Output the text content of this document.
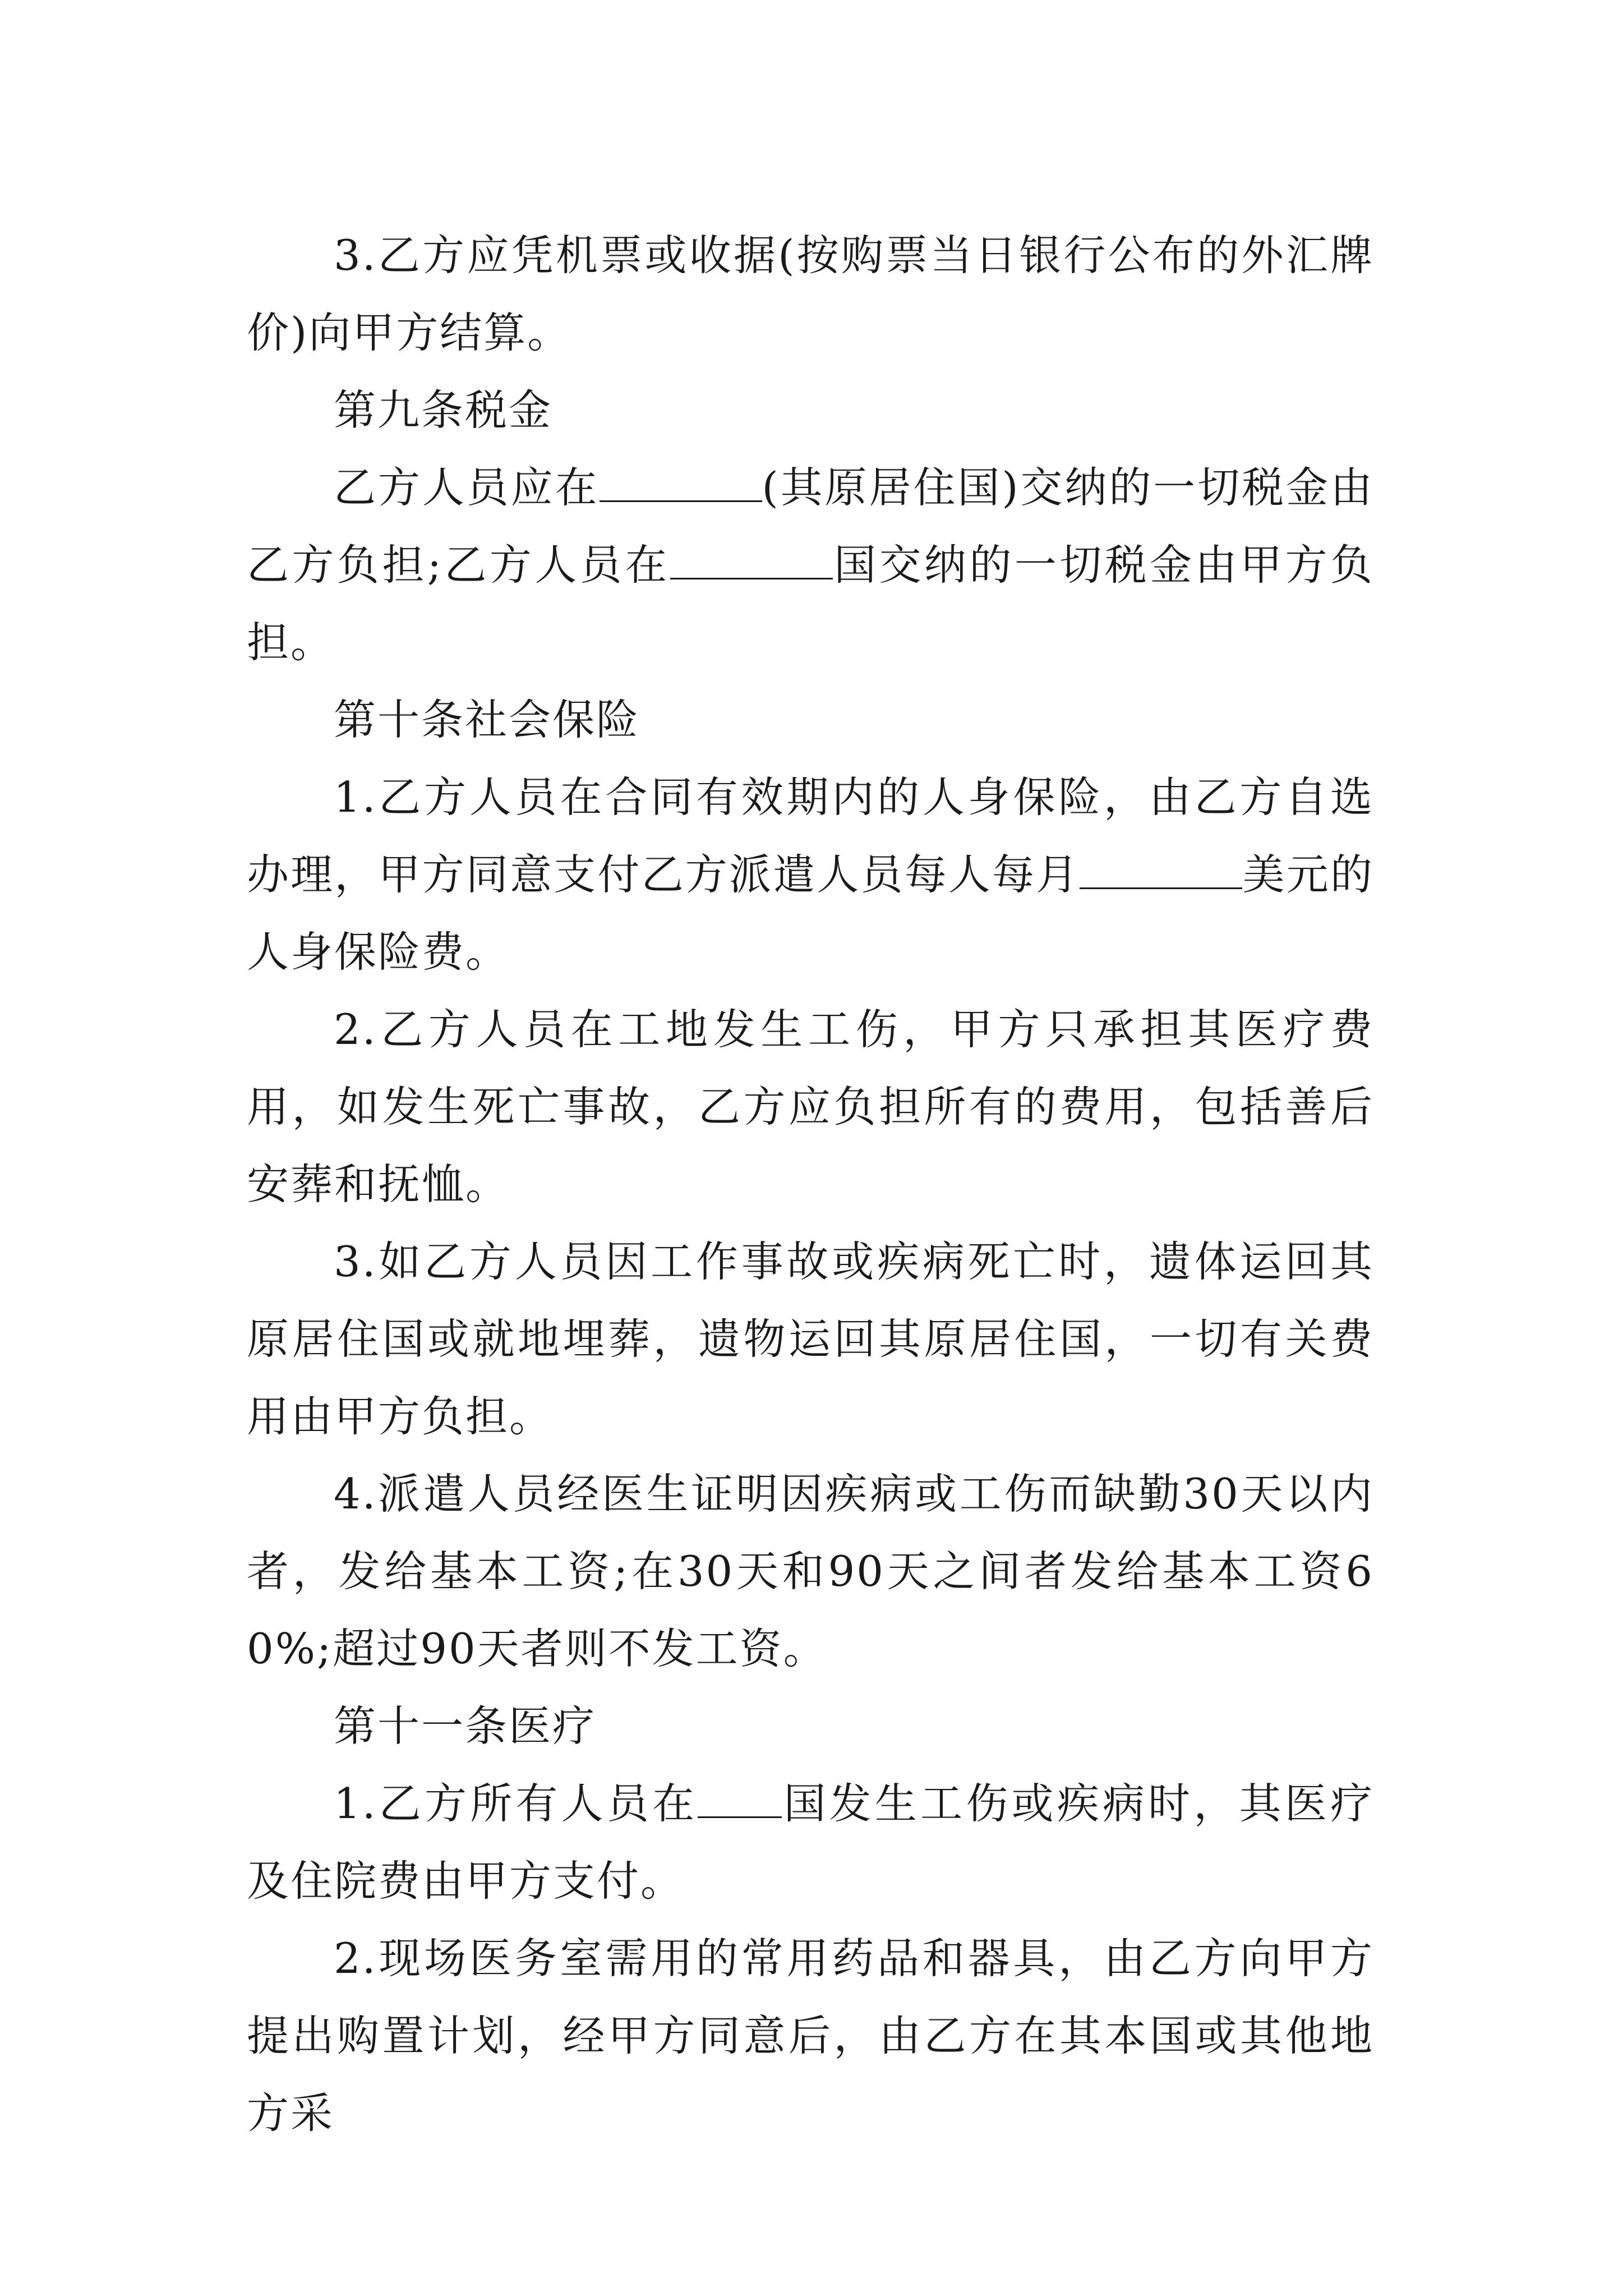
3.乙方应凭机票或收据(按购票当日银行公布的外汇牌价)向甲方结算。

第九条税金

乙方人员应在	(其原居住国)交纳的一切税金由乙方负担;乙方人员在	国交纳的一切税金由甲方负担。

第十条社会保险

1.乙方人员在合同有效期内的人身保险，由乙方自选办理，甲方同意支付乙方派遣人员每人每月	美元的人身保险费。

2.乙方人员在工地发生工伤，甲方只承担其医疗费用，如发生死亡事故，乙方应负担所有的费用，包括善后安葬和抚恤。

3.如乙方人员因工作事故或疾病死亡时，遗体运回其原居住国或就地埋葬，遗物运回其原居住国，一切有关费用由甲方负担。

4.派遣人员经医生证明因疾病或工伤而缺勤30天以内者，发给基本工资;在30天和90天之间者发给基本工资60%;超过90天者则不发工资。

第十一条医疗

1.乙方所有人员在 国发生工伤或疾病时，其医疗及住院费由甲方支付。

2.现场医务室需用的常用药品和器具，由乙方向甲方提出购置计划，经甲方同意后，由乙方在其本国或其他地方采
